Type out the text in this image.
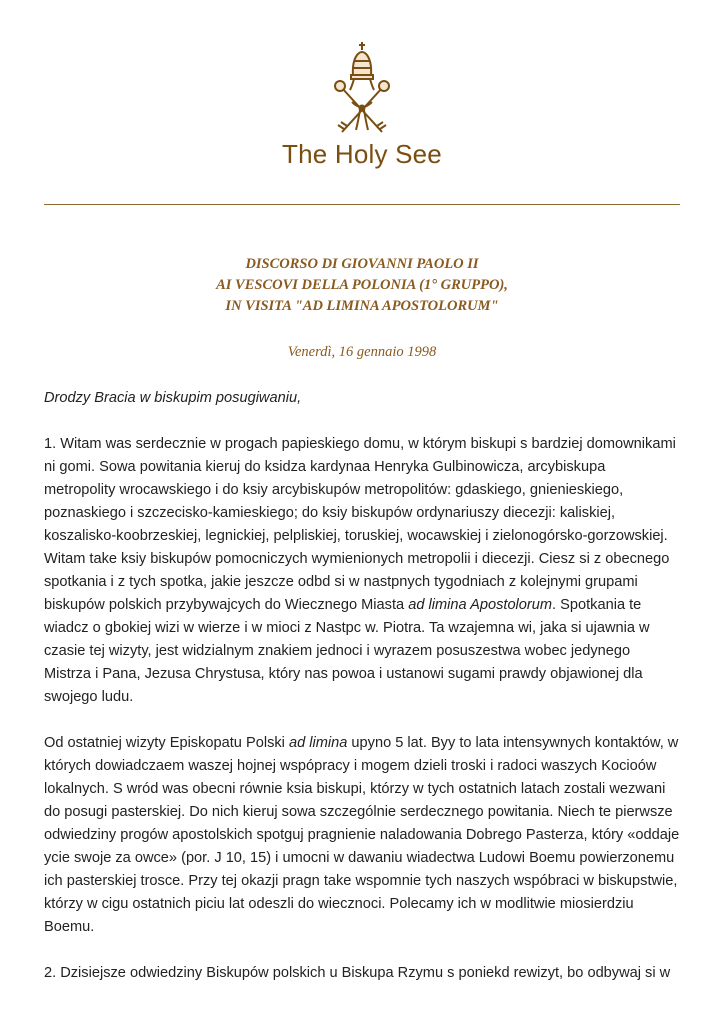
The Holy See
DISCORSO DI GIOVANNI PAOLO II
AI VESCOVI DELLA POLONIA (1° GRUPPO),
IN VISITA "AD LIMINA APOSTOLORUM"
Venerdì, 16 gennaio 1998

Drodzy Bracia w biskupim posugiwaniu,

1. Witam was serdecznie w progach papieskiego domu, w którym biskupi s bardziej domownikami
ni gomi. Sowa powitania kieruj do ksidza kardynaa Henryka Gulbinowicza, arcybiskupa
metropolity wrocawskiego i do ksiy arcybiskupów metropolitów: gdaskiego, gnienieskiego,
poznaskiego i szczecisko-kamieskiego; do ksiy biskupów ordynariuszy diecezji: kaliskiej,
koszalisko-koobrzeskiej, legnickiej, pelpliskiej, toruskiej, wocawskiej i zielonogórsko-gorzowskiej.
Witam take ksiy biskupów pomocniczych wymienionych metropolii i diecezji. Ciesz si z obecnego
spotkania i z tych spotka, jakie jeszcze odbd si w nastpnych tygodniach z kolejnymi grupami
biskupów polskich przybywajcych do Wiecznego Miasta ad limina Apostolorum. Spotkania te
wiadcz o gbokiej wizi w wierze i w mioci z Nastpc w. Piotra. Ta wzajemna wi, jaka si ujawnia w
czasie tej wizyty, jest widzialnym znakiem jednoci i wyrazem posuszestwa wobec jedynego
Mistrza i Pana, Jezusa Chrystusa, który nas powoa i ustanowi sugami prawdy objawionej dla
swojego ludu.

Od ostatniej wizyty Episkopatu Polski ad limina upyno 5 lat. Byy to lata intensywnych kontaktów, w
których dowiadczaem waszej hojnej wspópracy i mogem dzieli troski i radoci waszych Kocioów
lokalnych. S wród was obecni równie ksia biskupi, którzy w tych ostatnich latach zostali wezwani
do posugi pasterskiej. Do nich kieruj sowa szczególnie serdecznego powitania. Niech te pierwsze
odwiedziny progów apostolskich spotguj pragnienie naladowania Dobrego Pasterza, który «oddaje
ycie swoje za owce» (por. J 10, 15) i umocni w dawaniu wiadectwa Ludowi Boemu powierzonemu
ich pasterskiej trosce. Przy tej okazji pragn take wspomnie tych naszych wspóbraci w biskupstwie,
którzy w cigu ostatnich piciu lat odeszli do wiecznoci. Polecamy ich w modlitwie miosierdziu
Boemu.

2. Dzisiejsze odwiedziny Biskupów polskich u Biskupa Rzymu s poniekd rewizyt, bo odbywaj si w
